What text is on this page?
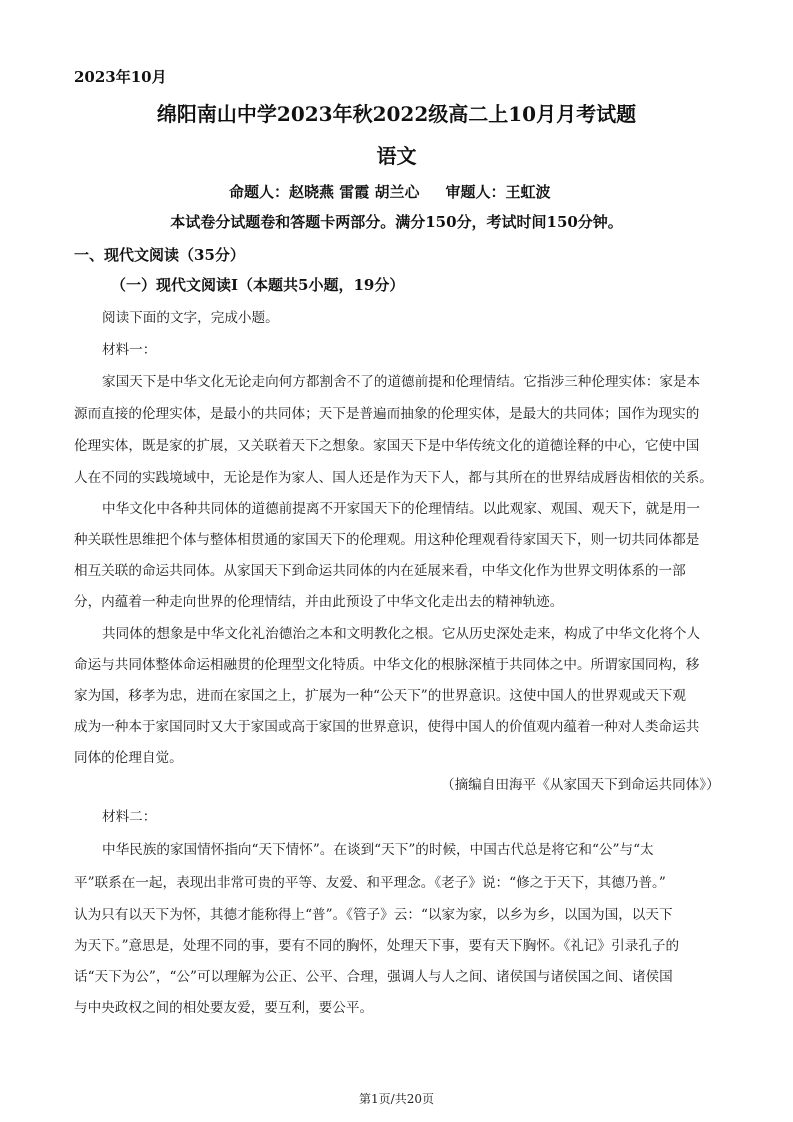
2023年10月
绵阳南山中学2023年秋2022级高二上10月月考试题
语文
命题人：赵晓燕 雷霞 胡兰心 审题人：王虹波
本试卷分试题卷和答题卡两部分。满分150分，考试时间150分钟。
一、现代文阅读（35分）
（一）现代文阅读Ⅰ（本题共5小题，19分）
阅读下面的文字，完成小题。
材料一：
家国天下是中华文化无论走向何方都割舍不了的道德前提和伦理情结。它指涉三种伦理实体：家是本
源而直接的伦理实体，是最小的共同体；天下是普遍而抽象的伦理实体，是最大的共同体；国作为现实的
伦理实体，既是家的扩展，又关联着天下之想象。家国天下是中华传统文化的道德诠释的中心，它使中国
人在不同的实践境域中，无论是作为家人、国人还是作为天下人，都与其所在的世界结成唇齿相依的关系。
中华文化中各种共同体的道德前提离不开家国天下的伦理情结。以此观家、观国、观天下，就是用一
种关联性思维把个体与整体相贯通的家国天下的伦理观。用这种伦理观看待家国天下，则一切共同体都是
相互关联的命运共同体。从家国天下到命运共同体的内在延展来看，中华文化作为世界文明体系的一部
分，内蕴着一种走向世界的伦理情结，并由此预设了中华文化走出去的精神轨迹。
共同体的想象是中华文化礼治德治之本和文明教化之根。它从历史深处走来，构成了中华文化将个人
命运与共同体整体命运相融贯的伦理型文化特质。中华文化的根脉深植于共同体之中。所谓家国同构，移
家为国，移孝为忠，进而在家国之上，扩展为一种“公天下”的世界意识。这使中国人的世界观或天下观
成为一种本于家国同时又大于家国或高于家国的世界意识，使得中国人的价值观内蕴着一种对人类命运共
同体的伦理自觉。
（摘编自田海平《从家国天下到命运共同体》）
材料二：
中华民族的家国情怀指向“天下情怀”。在谈到“天下”的时候，中国古代总是将它和“公”与“太
平”联系在一起，表现出非常可贵的平等、友爱、和平理念。《老子》说：“修之于天下，其德乃普。”
认为只有以天下为怀，其德才能称得上“普”。《管子》云：“以家为家，以乡为乡，以国为国，以天下
为天下。”意思是，处理不同的事，要有不同的胸怀，处理天下事，要有天下胸怀。《礼记》引录孔子的
话“天下为公”，“公”可以理解为公正、公平、合理，强调人与人之间、诸侯国与诸侯国之间、诸侯国
与中央政权之间的相处要友爱，要互利，要公平。
第1页/共20页
